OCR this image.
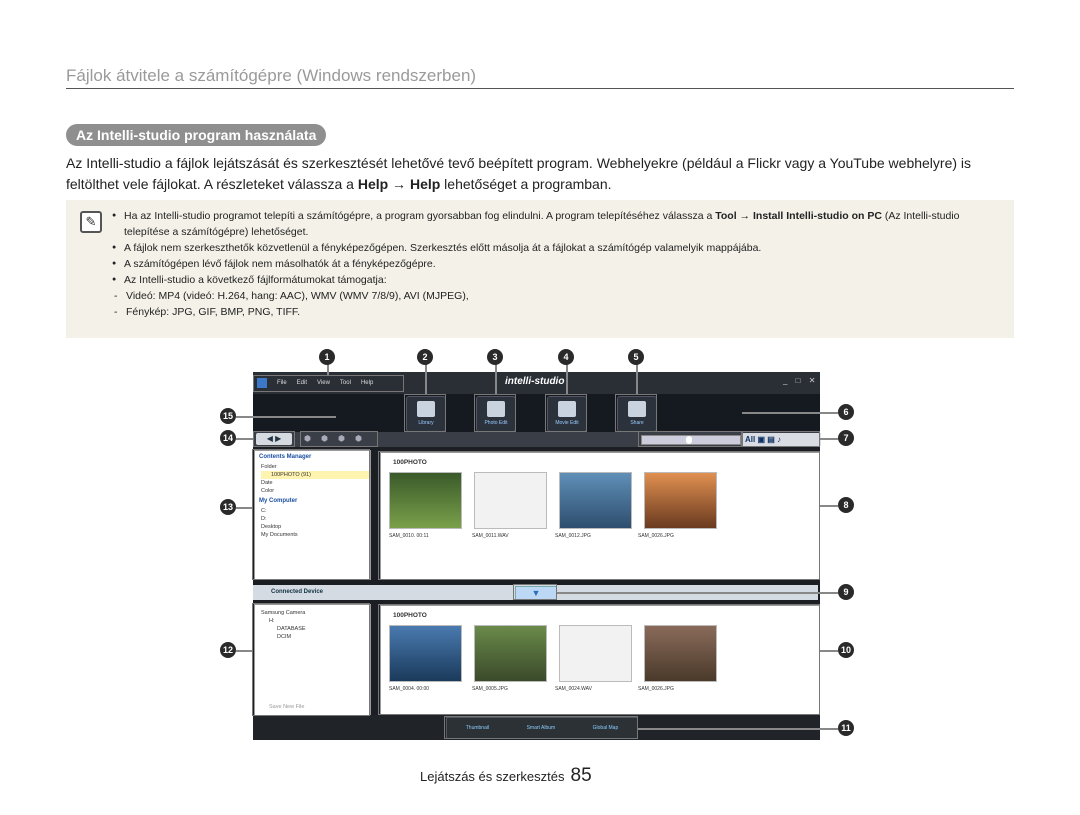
Fájlok átvitele a számítógépre (Windows rendszerben)
Az Intelli-studio program használata
Az Intelli-studio a fájlok lejátszását és szerkesztését lehetővé tevő beépített program. Webhelyekre (például a Flickr vagy a YouTube webhelyre) is feltölthet vele fájlokat. A részleteket válassza a Help → Help lehetőséget a programban.
✎
●	Ha az Intelli-studio programot telepíti a számítógépre, a program gyorsabban fog elindulni. A program telepítéséhez válassza a Tool → Install Intelli-studio on PC (Az Intelli-studio telepítése a számítógépre) lehetőséget.
● A fájlok nem szerkeszthetők közvetlenül a fényképezőgépen. Szerkesztés előtt másolja át a fájlokat a számítógép valamelyik mappájába.
● A számítógépen lévő fájlok nem másolhatók át a fényképezőgépre.
● Az Intelli-studio a következő fájlformátumokat támogatja:
- Videó: MP4 (videó: H.264, hang: AAC), WMV (WMV 7/8/9), AVI (MJPEG),
- Fénykép: JPG, GIF, BMP, PNG, TIFF.
File Edit View Tool Help	intelli-studio	_ □ ✕
Library	Photo Edit	Movie Edit	Share
◀ ▶	⬢⬢⬢⬢	All ▣ ▤ ♪
Contents Manager
Folder
100PHOTO (91)
Date
Color
My Computer
C:
D:
Desktop
My Documents
100PHOTO
SAM_0010. 00:11	SAM_0011.WAV	SAM_0012.JPG	SAM_0026.JPG
Connected Device	▼
Samsung Camera
H:
DATABASE
DCIM
Save New File
100PHOTO
SAM_0004. 00:00	SAM_0005.JPG	SAM_0024.WAV	SAM_0026.JPG
Thumbnail	Smart Album	Global Map
1	2	3	4	5
6
7
8
9
10
11
12
13
14
15
Lejátszás és szerkesztés 85
